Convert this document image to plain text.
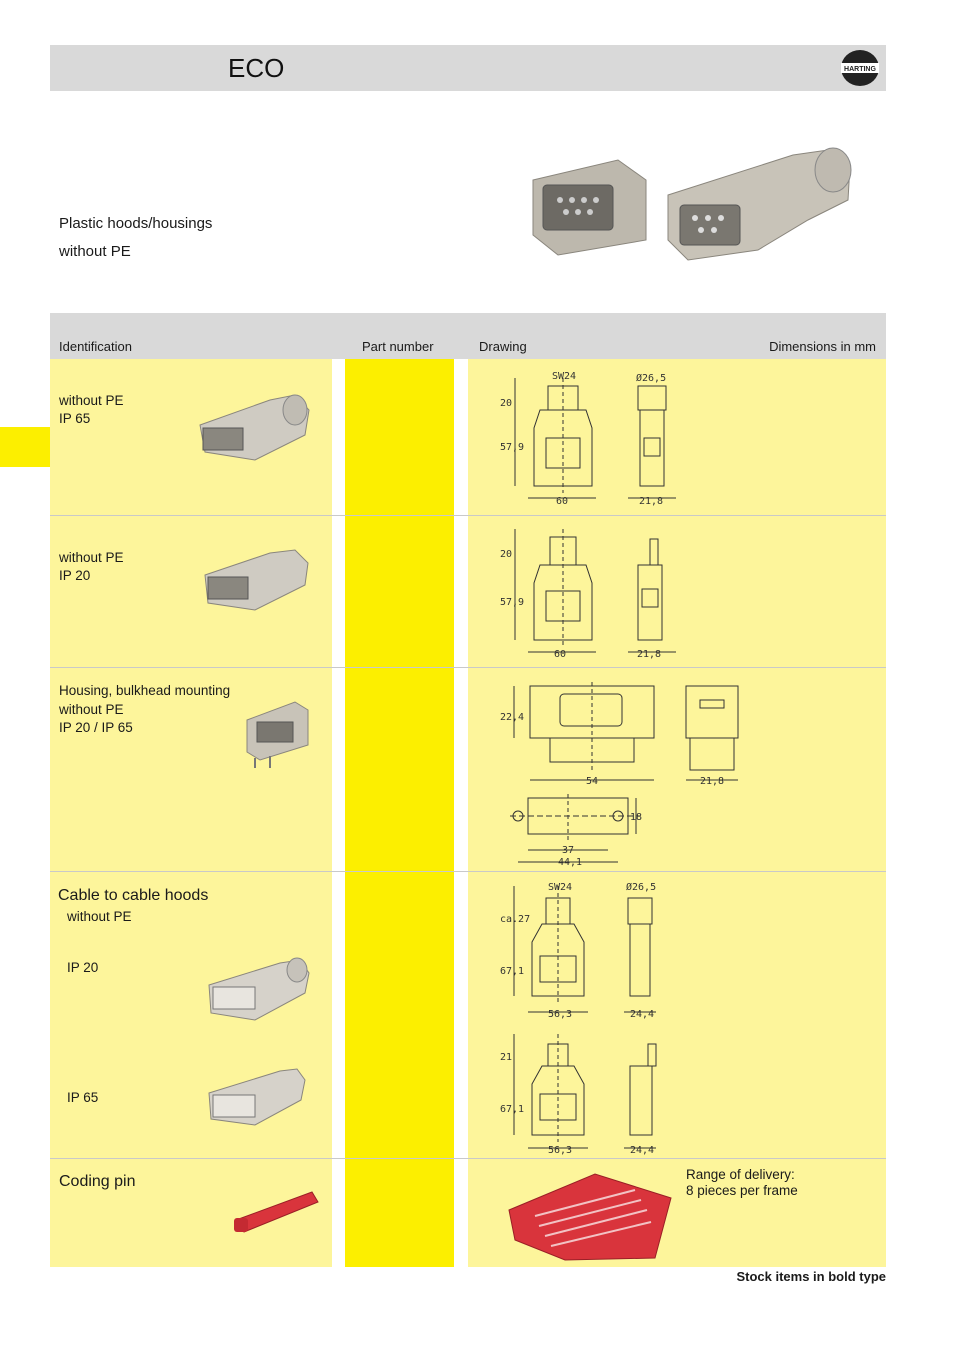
ECO	HARTING
Plastic hoods/housings
without PE
Identification	Part number	Drawing	Dimensions in mm
without PE
IP 65
SW24	Ø26,5
20
57,9
60	21,8
without PE
IP 20
20
57,9
60	21,8
Housing, bulkhead mounting
without PE
IP 20 / IP 65
22,4
54	21,8
18
37
44,1
Cable to cable hoods
without PE
IP 20
IP 65
SW24	Ø26,5
ca.27
67,1
56,3	24,4
21
67,1
56,3	24,4
Coding pin	Range of delivery:
8 pieces per frame
Stock items in bold type
